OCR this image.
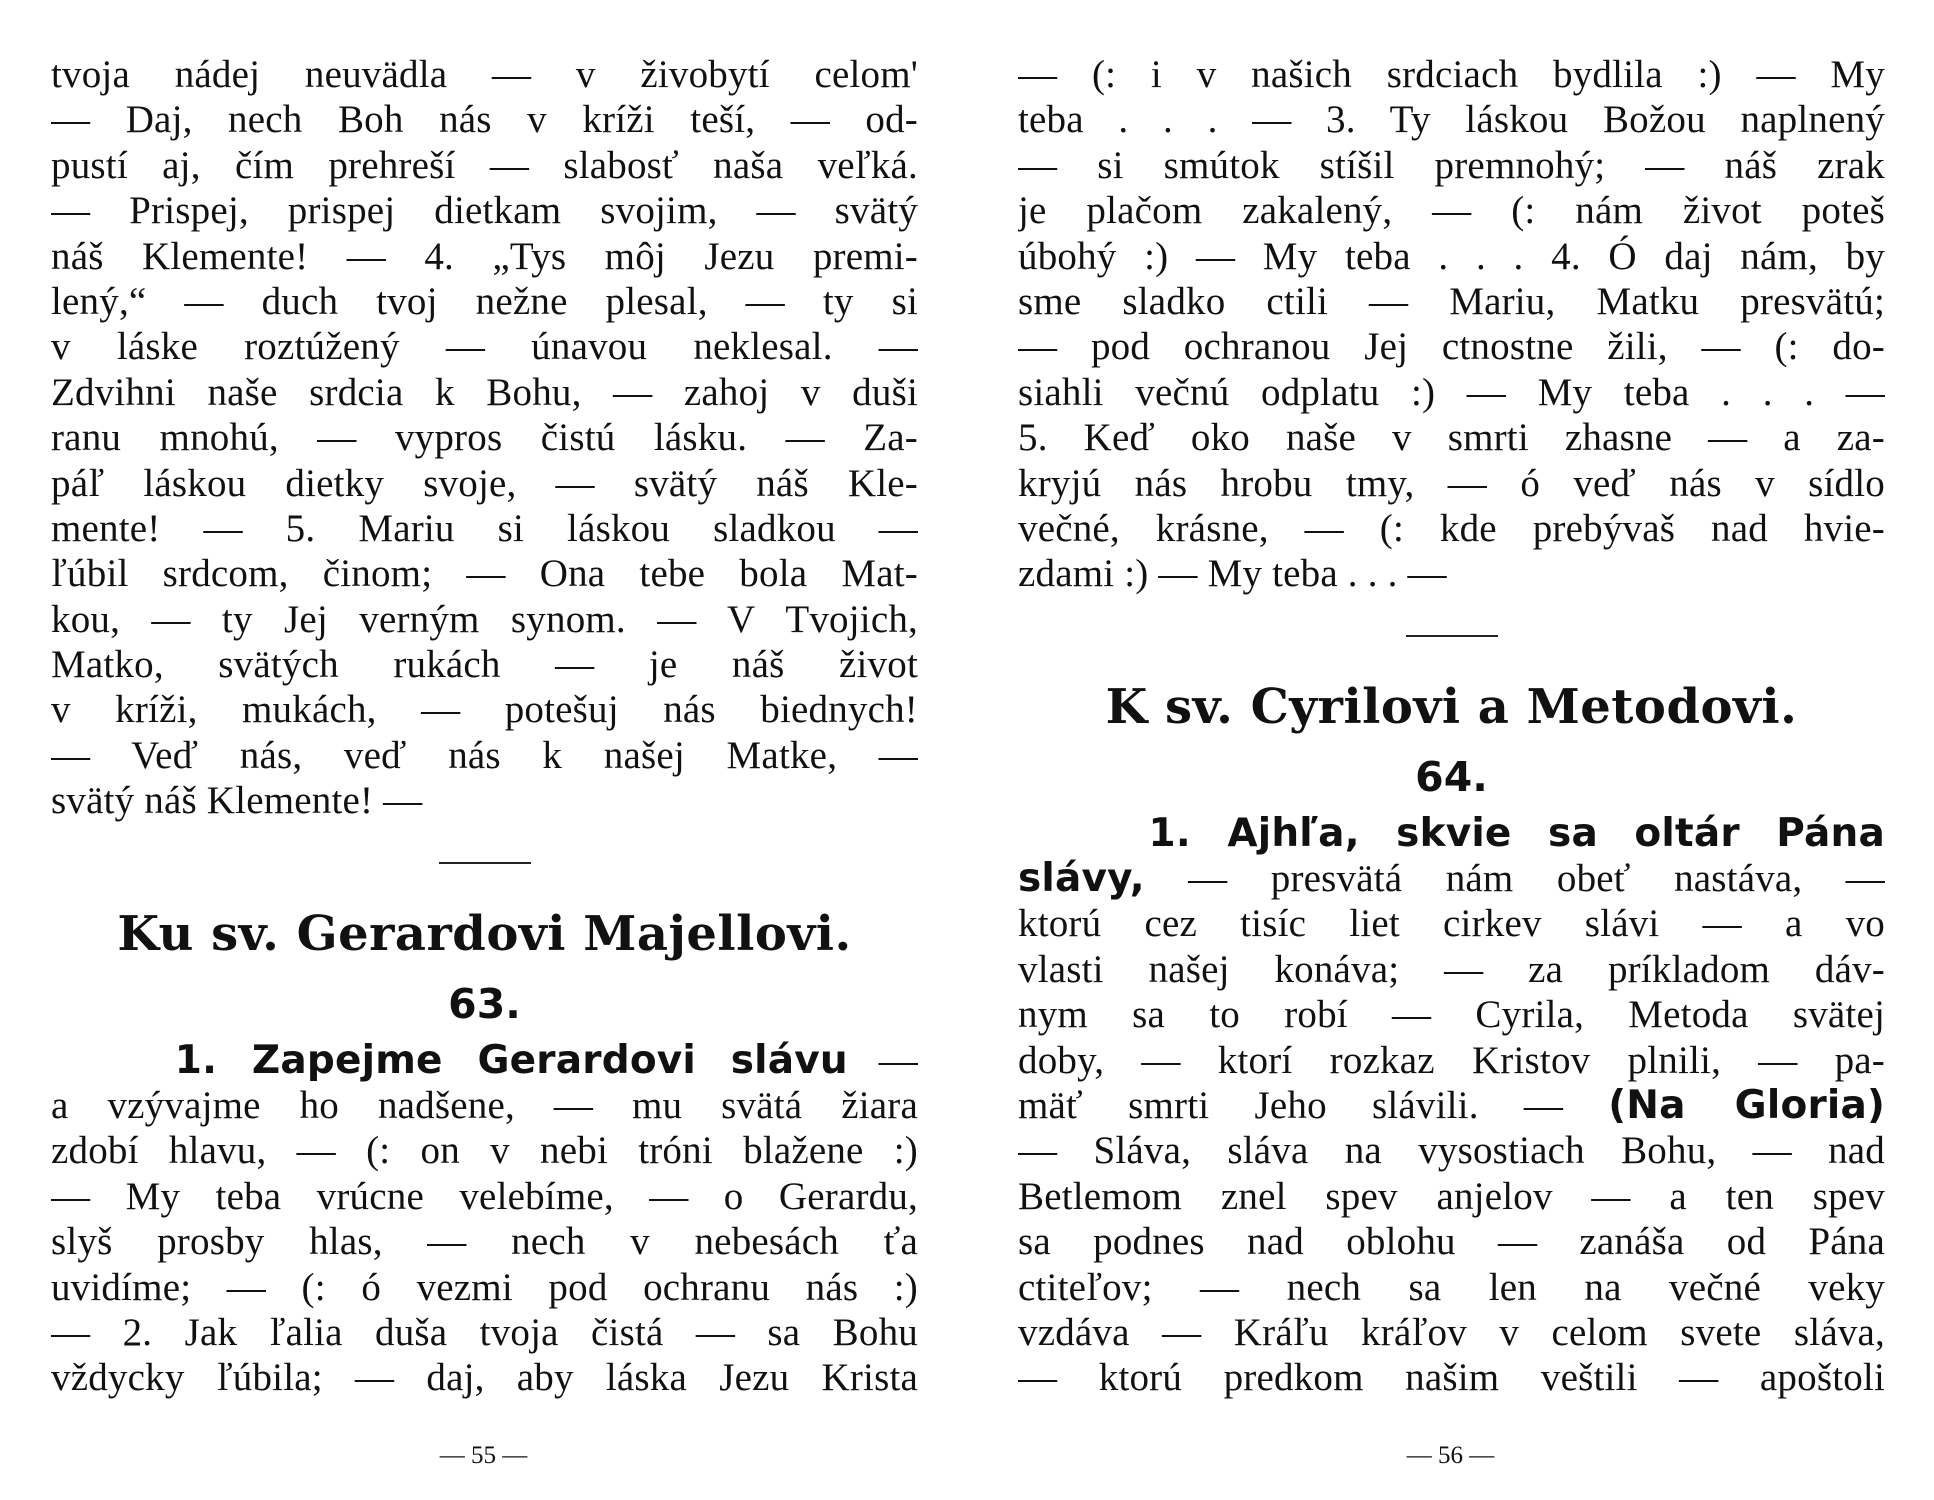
tvoja nádej neuvädla — v živobytí celom'
— Daj, nech Boh nás v kríži teší, — od-
pustí aj, čím prehreší — slabosť naša veľká.
— Prispej, prispej dietkam svojim, — svätý
náš Klemente! — 4. „Tys môj Jezu premi-
lený,“ — duch tvoj nežne plesal, — ty si
v láske roztúžený — únavou neklesal. —
Zdvihni naše srdcia k Bohu, — zahoj v duši
ranu mnohú, — vypros čistú lásku. — Za-
páľ láskou dietky svoje, — svätý náš Kle-
mente! — 5. Mariu si láskou sladkou —
ľúbil srdcom, činom; — Ona tebe bola Mat-
kou, — ty Jej verným synom. — V Tvojich,
Matko, svätých rukách — je náš život
v kríži, mukách, — potešuj nás biednych!
— Veď nás, veď nás k našej Matke, —
svätý náš Klemente! —
Ku sv. Gerardovi Majellovi.
63.
1. Zapejme Gerardovi slávu —
a vzývajme ho nadšene, — mu svätá žiara
zdobí hlavu, — (: on v nebi tróni blažene :)
— My teba vrúcne velebíme, — o Gerardu,
slyš prosby hlas, — nech v nebesách ťa
uvidíme; — (: ó vezmi pod ochranu nás :)
— 2. Jak ľalia duša tvoja čistá — sa Bohu
vždycky ľúbila; — daj, aby láska Jezu Krista
— 55 —
— (: i v našich srdciach bydlila :) — My
teba . . . — 3. Ty láskou Božou naplnený
— si smútok stíšil premnohý; — náš zrak
je plačom zakalený, — (: nám život poteš
úbohý :) — My teba . . . 4. Ó daj nám, by
sme sladko ctili — Mariu, Matku presvätú;
— pod ochranou Jej ctnostne žili, — (: do-
siahli večnú odplatu :) — My teba . . . —
5. Keď oko naše v smrti zhasne — a za-
kryjú nás hrobu tmy, — ó veď nás v sídlo
večné, krásne, — (: kde prebývaš nad hvie-
zdami :) — My teba . . . —
K sv. Cyrilovi a Metodovi.
64.
1. Ajhľa, skvie sa oltár Pána
slávy, — presvätá nám obeť nastáva, —
ktorú cez tisíc liet cirkev slávi — a vo
vlasti našej konáva; — za príkladom dáv-
nym sa to robí — Cyrila, Metoda svätej
doby, — ktorí rozkaz Kristov plnili, — pa-
mäť smrti Jeho slávili. — (Na Gloria)
— Sláva, sláva na vysostiach Bohu, — nad
Betlemom znel spev anjelov — a ten spev
sa podnes nad oblohu — zanáša od Pána
ctiteľov; — nech sa len na večné veky
vzdáva — Kráľu kráľov v celom svete sláva,
— ktorú predkom našim veštili — apoštoli
— 56 —
